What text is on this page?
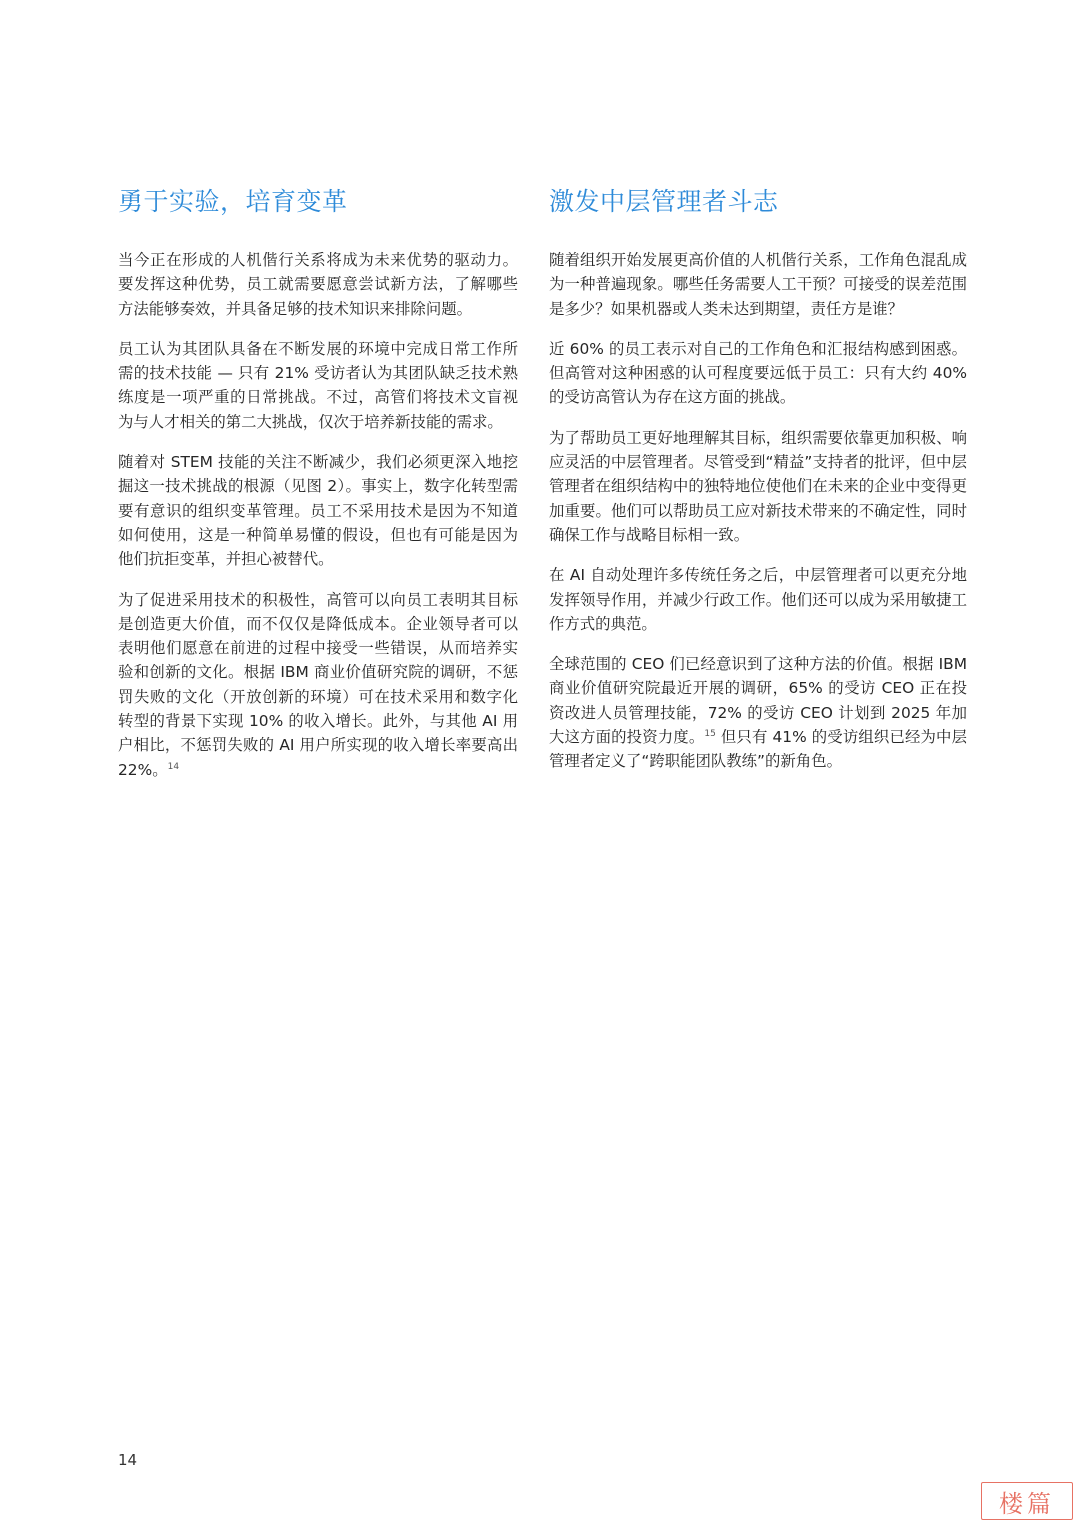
勇于实验，培育变革

当今正在形成的人机偕行关系将成为未来优势的驱动力。要发挥这种优势，员工就需要愿意尝试新方法，了解哪些方法能够奏效，并具备足够的技术知识来排除问题。

员工认为其团队具备在不断发展的环境中完成日常工作所需的技术技能 — 只有 21% 受访者认为其团队缺乏技术熟练度是一项严重的日常挑战。不过，高管们将技术文盲视为与人才相关的第二大挑战，仅次于培养新技能的需求。

随着对 STEM 技能的关注不断减少，我们必须更深入地挖掘这一技术挑战的根源（见图 2）。事实上，数字化转型需要有意识的组织变革管理。员工不采用技术是因为不知道如何使用，这是一种简单易懂的假设，但也有可能是因为他们抗拒变革，并担心被替代。

为了促进采用技术的积极性，高管可以向员工表明其目标是创造更大价值，而不仅仅是降低成本。企业领导者可以表明他们愿意在前进的过程中接受一些错误，从而培养实验和创新的文化。根据 IBM 商业价值研究院的调研，不惩罚失败的文化（开放创新的环境）可在技术采用和数字化转型的背景下实现 10% 的收入增长。此外，与其他 AI 用户相比，不惩罚失败的 AI 用户所实现的收入增长率要高出 22%。$^{14}$

激发中层管理者斗志

随着组织开始发展更高价值的人机偕行关系，工作角色混乱成为一种普遍现象。哪些任务需要人工干预？可接受的误差范围是多少？如果机器或人类未达到期望，责任方是谁？

近 60% 的员工表示对自己的工作角色和汇报结构感到困惑。但高管对这种困惑的认可程度要远低于员工：只有大约 40% 的受访高管认为存在这方面的挑战。

为了帮助员工更好地理解其目标，组织需要依靠更加积极、响应灵活的中层管理者。尽管受到“精益”支持者的批评，但中层管理者在组织结构中的独特地位使他们在未来的企业中变得更加重要。他们可以帮助员工应对新技术带来的不确定性，同时确保工作与战略目标相一致。

在 AI 自动处理许多传统任务之后，中层管理者可以更充分地发挥领导作用，并减少行政工作。他们还可以成为采用敏捷工作方式的典范。

全球范围的 CEO 们已经意识到了这种方法的价值。根据 IBM 商业价值研究院最近开展的调研，65% 的受访 CEO 正在投资改进人员管理技能，72% 的受访 CEO 计划到 2025 年加大这方面的投资力度。$^{15}$ 但只有 41% 的受访组织已经为中层管理者定义了“跨职能团队教练”的新角色。

14
楼篇
